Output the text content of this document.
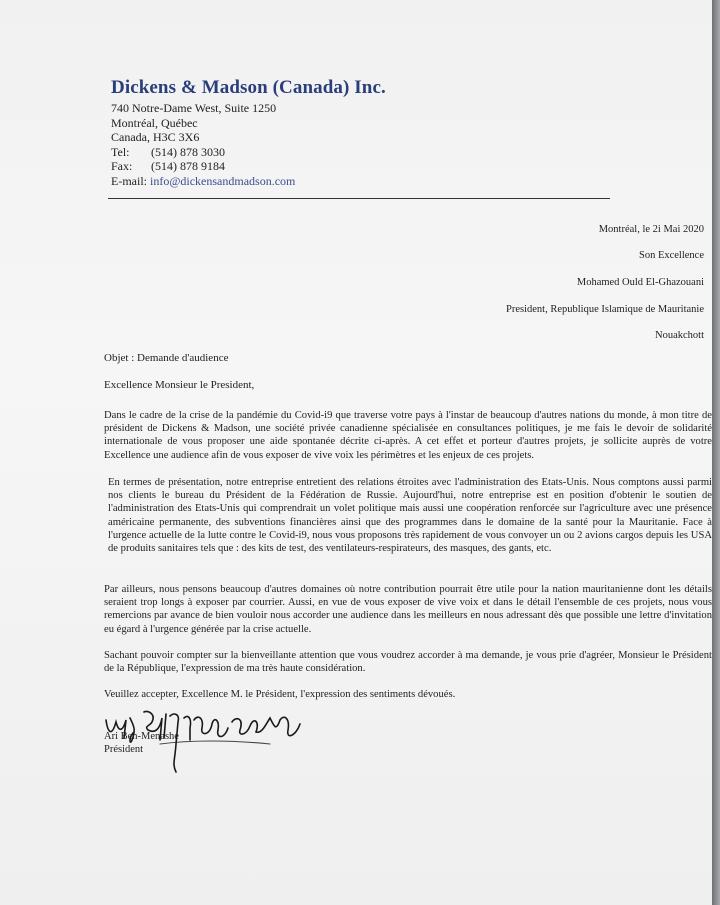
Dickens & Madson (Canada) Inc.
740 Notre-Dame West, Suite 1250
Montréal, Québec
Canada, H3C 3X6
Tel: (514) 878 3030
Fax: (514) 878 9184
E-mail: info@dickensandmadson.com
Montréal, le 2i Mai 2020
Son Excellence
Mohamed Ould El-Ghazouani
President, Republique Islamique de Mauritanie
Nouakchott
Objet : Demande d'audience
Excellence Monsieur le President,
Dans le cadre de la crise de la pandémie du Covid-i9 que traverse votre pays à l'instar de beaucoup d'autres nations du monde, à mon titre de président de Dickens & Madson, une société privée canadienne spécialisée en consultances politiques, je me fais le devoir de solidarité internationale de vous proposer une aide spontanée décrite ci-après. A cet effet et porteur d'autres projets, je sollicite auprès de votre Excellence une audience afin de vous exposer de vive voix les périmètres et les enjeux de ces projets.
En termes de présentation, notre entreprise entretient des relations étroites avec l'administration des Etats-Unis. Nous comptons aussi parmi nos clients le bureau du Président de la Fédération de Russie. Aujourd'hui, notre entreprise est en position d'obtenir le soutien de l'administration des Etats-Unis qui comprendrait un volet politique mais aussi une coopération renforcée sur l'agriculture avec une présence américaine permanente, des subventions financières ainsi que des programmes dans le domaine de la santé pour la Mauritanie. Face à l'urgence actuelle de la lutte contre le Covid-i9, nous vous proposons très rapidement de vous convoyer un ou 2 avions cargos depuis les USA de produits sanitaires tels que : des kits de test, des ventilateurs-respirateurs, des masques, des gants, etc.
Par ailleurs, nous pensons beaucoup d'autres domaines où notre contribution pourrait être utile pour la nation mauritanienne dont les détails seraient trop longs à exposer par courrier. Aussi, en vue de vous exposer de vive voix et dans le détail l'ensemble de ces projets, nous vous remercions par avance de bien vouloir nous accorder une audience dans les meilleurs en nous adressant dès que possible une lettre d'invitation eu égard à l'urgence générée par la crise actuelle.
Sachant pouvoir compter sur la bienveillante attention que vous voudrez accorder à ma demande, je vous prie d'agréer, Monsieur le Président de la République, l'expression de ma très haute considération.
Veuillez accepter, Excellence M. le Président, l'expression des sentiments dévoués.
Ari Ben-Menashe
Président
